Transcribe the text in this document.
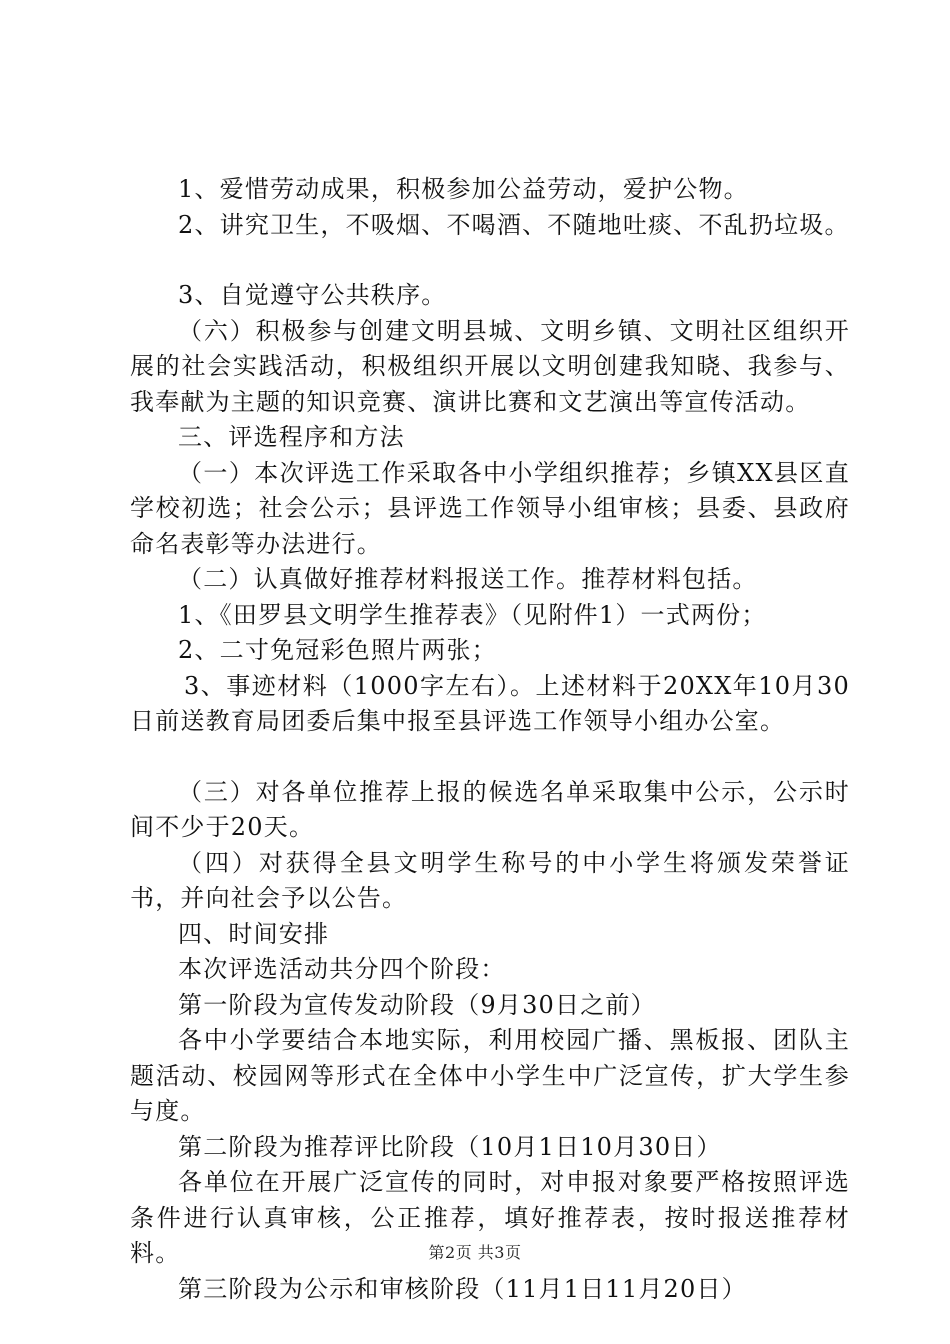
1、爱惜劳动成果，积极参加公益劳动，爱护公物。

2、讲究卫生，不吸烟、不喝酒、不随地吐痰、不乱扔垃圾。

3、自觉遵守公共秩序。

（六）积极参与创建文明县城、文明乡镇、文明社区组织开展的社会实践活动，积极组织开展以文明创建我知晓、我参与、我奉献为主题的知识竞赛、演讲比赛和文艺演出等宣传活动。

三、评选程序和方法

（一）本次评选工作采取各中小学组织推荐；乡镇XX县区直学校初选；社会公示；县评选工作领导小组审核；县委、县政府命名表彰等办法进行。

（二）认真做好推荐材料报送工作。推荐材料包括。

1、《田罗县文明学生推荐表》（见附件1）一式两份；

2、二寸免冠彩色照片两张；

3、事迹材料（1000字左右）。上述材料于20XX年10月30日前送教育局团委后集中报至县评选工作领导小组办公室。

（三）对各单位推荐上报的候选名单采取集中公示，公示时间不少于20天。

（四）对获得全县文明学生称号的中小学生将颁发荣誉证书，并向社会予以公告。

四、时间安排

本次评选活动共分四个阶段：

第一阶段为宣传发动阶段（9月30日之前）

各中小学要结合本地实际，利用校园广播、黑板报、团队主题活动、校园网等形式在全体中小学生中广泛宣传，扩大学生参与度。

第二阶段为推荐评比阶段（10月1日10月30日）

各单位在开展广泛宣传的同时，对申报对象要严格按照评选条件进行认真审核，公正推荐，填好推荐表，按时报送推荐材料。

第三阶段为公示和审核阶段（11月1日11月20日）

第2页 共3页
